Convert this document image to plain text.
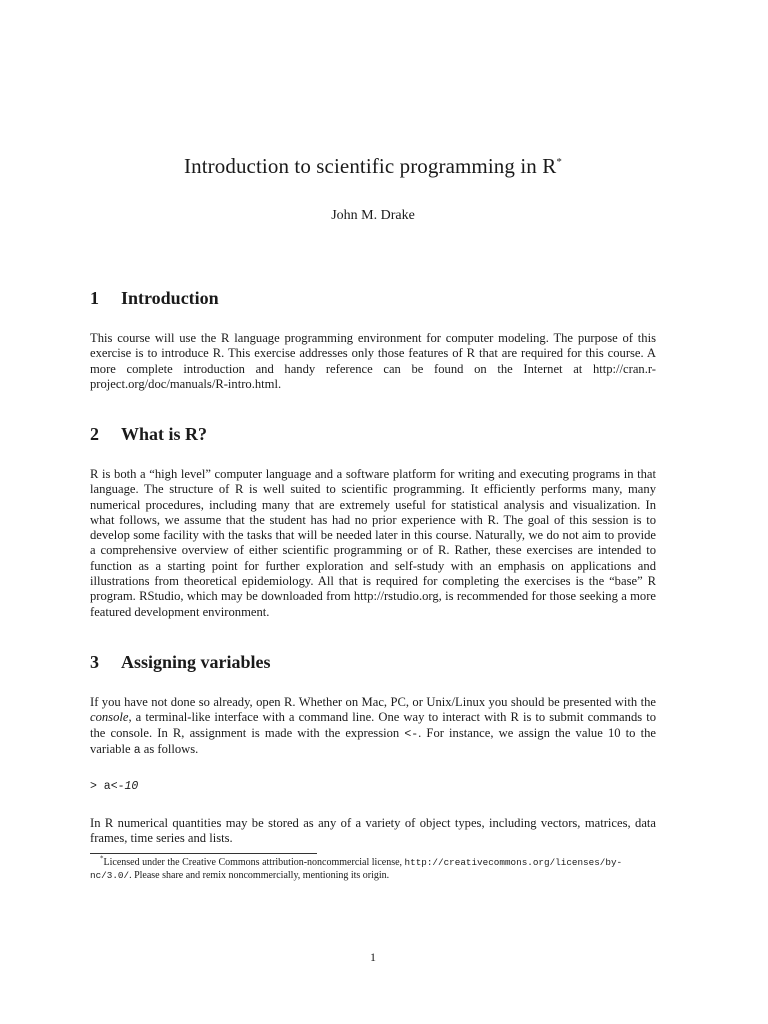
Introduction to scientific programming in R*
John M. Drake
1 Introduction
This course will use the R language programming environment for computer modeling. The purpose of this exercise is to introduce R. This exercise addresses only those features of R that are required for this course. A more complete introduction and handy reference can be found on the Internet at http://cran.r-project.org/doc/manuals/R-intro.html.
2 What is R?
R is both a “high level” computer language and a software platform for writing and executing programs in that language. The structure of R is well suited to scientific programming. It efficiently performs many, many numerical procedures, including many that are extremely useful for statistical analysis and visualization. In what follows, we assume that the student has had no prior experience with R. The goal of this session is to develop some facility with the tasks that will be needed later in this course. Naturally, we do not aim to provide a comprehensive overview of either scientific programming or of R. Rather, these exercises are intended to function as a starting point for further exploration and self-study with an emphasis on applications and illustrations from theoretical epidemiology. All that is required for completing the exercises is the “base” R program. RStudio, which may be downloaded from http://rstudio.org, is recommended for those seeking a more featured development environment.
3 Assigning variables
If you have not done so already, open R. Whether on Mac, PC, or Unix/Linux you should be presented with the console, a terminal-like interface with a command line. One way to interact with R is to submit commands to the console. In R, assignment is made with the expression <-. For instance, we assign the value 10 to the variable a as follows.
> a<-10
In R numerical quantities may be stored as any of a variety of object types, including vectors, matrices, data frames, time series and lists.
*Licensed under the Creative Commons attribution-noncommercial license, http://creativecommons.org/licenses/by-nc/3.0/. Please share and remix noncommercially, mentioning its origin.
1
